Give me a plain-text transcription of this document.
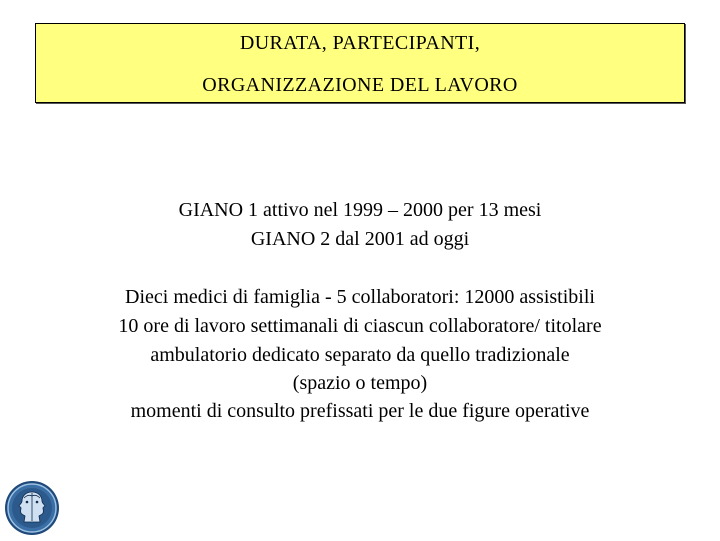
DURATA, PARTECIPANTI,
ORGANIZZAZIONE DEL LAVORO
GIANO 1 attivo nel 1999 – 2000 per 13 mesi
GIANO 2 dal 2001 ad oggi
Dieci medici di famiglia - 5 collaboratori: 12000 assistibili
10 ore di lavoro settimanali di ciascun collaboratore/ titolare
ambulatorio dedicato separato da quello tradizionale
(spazio o tempo)
momenti di consulto prefissati per le due figure operative
